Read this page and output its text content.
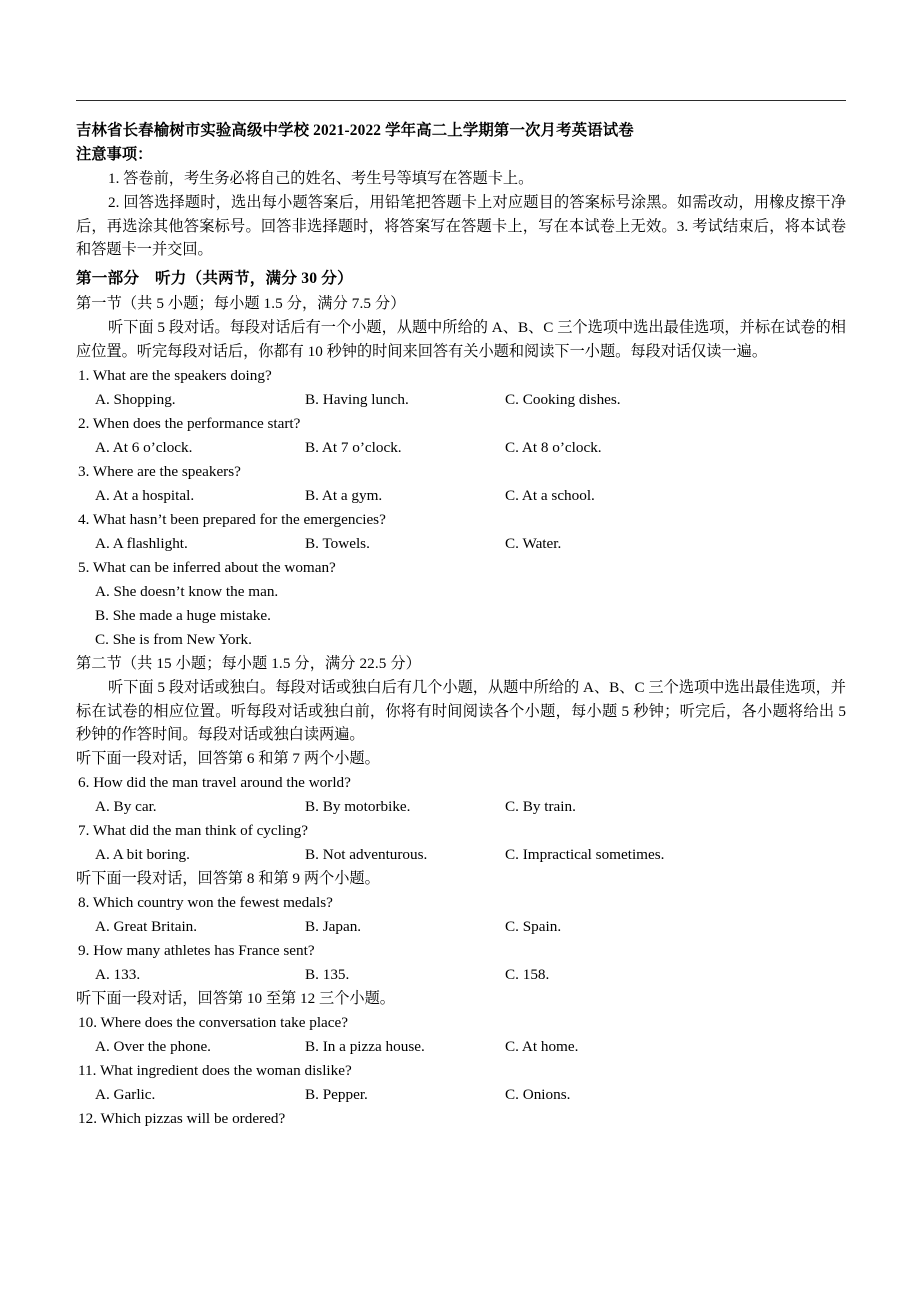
吉林省长春榆树市实验高级中学校 2021-2022 学年高二上学期第一次月考英语试卷
注意事项：
1. 答卷前，考生务必将自己的姓名、考生号等填写在答题卡上。
2. 回答选择题时，选出每小题答案后，用铅笔把答题卡上对应题目的答案标号涂黑。如需改动，用橡皮擦干净后，再选涂其他答案标号。回答非选择题时，将答案写在答题卡上，写在本试卷上无效。3. 考试结束后，将本试卷和答题卡一并交回。
第一部分　听力（共两节，满分 30 分）
第一节（共 5 小题；每小题 1.5 分，满分 7.5 分）
听下面 5 段对话。每段对话后有一个小题，从题中所给的 A、B、C 三个选项中选出最佳选项，并标在试卷的相应位置。听完每段对话后，你都有 10 秒钟的时间来回答有关小题和阅读下一小题。每段对话仅读一遍。
1. What are the speakers doing?
A. Shopping.	B. Having lunch.	C. Cooking dishes.
2. When does the performance start?
A. At 6 o’clock.	B. At 7 o’clock.	C. At 8 o’clock.
3. Where are the speakers?
A. At a hospital.	B. At a gym.	C. At a school.
4. What hasn’t been prepared for the emergencies?
A. A flashlight.	B. Towels.	C. Water.
5. What can be inferred about the woman?
A. She doesn’t know the man.
B. She made a huge mistake.
C. She is from New York.
第二节（共 15 小题；每小题 1.5 分，满分 22.5 分）
听下面 5 段对话或独白。每段对话或独白后有几个小题，从题中所给的 A、B、C 三个选项中选出最佳选项，并标在试卷的相应位置。听每段对话或独白前，你将有时间阅读各个小题，每小题 5 秒钟；听完后，各小题将给出 5 秒钟的作答时间。每段对话或独白读两遍。
听下面一段对话，回答第 6 和第 7 两个小题。
6. How did the man travel around the world?
A. By car.	B. By motorbike.	C. By train.
7. What did the man think of cycling?
A. A bit boring.	B. Not adventurous.	C. Impractical sometimes.
听下面一段对话，回答第 8 和第 9 两个小题。
8. Which country won the fewest medals?
A. Great Britain.	B. Japan.	C. Spain.
9. How many athletes has France sent?
A. 133.	B. 135.	C. 158.
听下面一段对话，回答第 10 至第 12 三个小题。
10. Where does the conversation take place?
A. Over the phone.	B. In a pizza house.	C. At home.
11. What ingredient does the woman dislike?
A. Garlic.	B. Pepper.	C. Onions.
12. Which pizzas will be ordered?
